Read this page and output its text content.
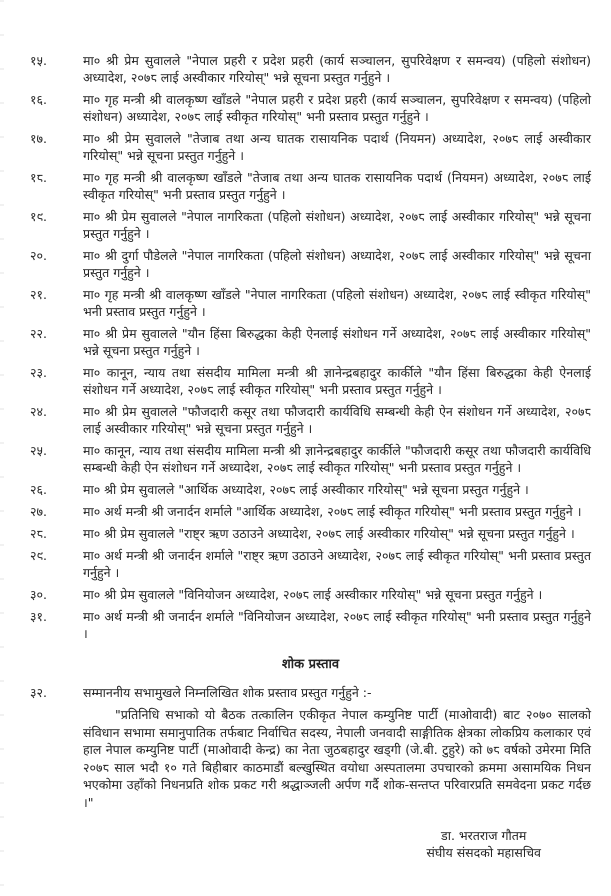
१५.	मा० श्री प्रेम सुवालले "नेपाल प्रहरी र प्रदेश प्रहरी (कार्य सञ्चालन, सुपरिवेक्षण र समन्वय) (पहिलो संशोधन) अध्यादेश, २०७८ लाई अस्वीकार गरियोस्" भन्ने सूचना प्रस्तुत गर्नुहुने ।
१६.	मा० गृह मन्त्री श्री वालकृष्ण खाँडले "नेपाल प्रहरी र प्रदेश प्रहरी (कार्य सञ्चालन, सुपरिवेक्षण र समन्वय) (पहिलो संशोधन) अध्यादेश, २०७८ लाई स्वीकृत गरियोस्" भनी प्रस्ताव प्रस्तुत गर्नुहुने ।
१७.	मा० श्री प्रेम सुवालले "तेजाब तथा अन्य घातक रासायनिक पदार्थ (नियमन) अध्यादेश, २०७८ लाई अस्वीकार गरियोस्" भन्ने सूचना प्रस्तुत गर्नुहुने ।
१८.	मा० गृह मन्त्री श्री वालकृष्ण खाँडले "तेजाब तथा अन्य घातक रासायनिक पदार्थ (नियमन) अध्यादेश, २०७८ लाई स्वीकृत गरियोस्" भनी प्रस्ताव प्रस्तुत गर्नुहुने ।
१९.	मा० श्री प्रेम सुवालले "नेपाल नागरिकता (पहिलो संशोधन) अध्यादेश, २०७८ लाई अस्वीकार गरियोस्" भन्ने सूचना प्रस्तुत गर्नुहुने ।
२०.	मा० श्री दुर्गा पौडेलले "नेपाल नागरिकता (पहिलो संशोधन) अध्यादेश, २०७८ लाई अस्वीकार गरियोस्" भन्ने सूचना प्रस्तुत गर्नुहुने ।
२१.	मा० गृह मन्त्री श्री वालकृष्ण खाँडले "नेपाल नागरिकता (पहिलो संशोधन) अध्यादेश, २०७८ लाई स्वीकृत गरियोस्" भनी प्रस्ताव प्रस्तुत गर्नुहुने ।
२२.	मा० श्री प्रेम सुवालले "यौन हिंसा बिरुद्धका केही ऐनलाई संशोधन गर्ने अध्यादेश, २०७८ लाई अस्वीकार गरियोस्" भन्ने सूचना प्रस्तुत गर्नुहुने ।
२३.	मा० कानून, न्याय तथा संसदीय मामिला मन्त्री श्री ज्ञानेन्द्रबहादुर कार्कीले "यौन हिंसा बिरुद्धका केही ऐनलाई संशोधन गर्ने अध्यादेश, २०७८ लाई स्वीकृत गरियोस्" भनी प्रस्ताव प्रस्तुत गर्नुहुने ।
२४.	मा० श्री प्रेम सुवालले "फौजदारी कसूर तथा फौजदारी कार्यविधि सम्बन्धी केही ऐन संशोधन गर्ने अध्यादेश, २०७८ लाई अस्वीकार गरियोस्" भन्ने सूचना प्रस्तुत गर्नुहुने ।
२५.	मा० कानून, न्याय तथा संसदीय मामिला मन्त्री श्री ज्ञानेन्द्रबहादुर कार्कीले "फौजदारी कसूर तथा फौजदारी कार्यविधि सम्बन्धी केही ऐन संशोधन गर्ने अध्यादेश, २०७८ लाई स्वीकृत गरियोस्" भनी प्रस्ताव प्रस्तुत गर्नुहुने ।
२६.	मा० श्री प्रेम सुवालले "आर्थिक अध्यादेश, २०७८ लाई अस्वीकार गरियोस्" भन्ने सूचना प्रस्तुत गर्नुहुने ।
२७.	मा० अर्थ मन्त्री श्री जनार्दन शर्माले "आर्थिक अध्यादेश, २०७८ लाई स्वीकृत गरियोस्" भनी प्रस्ताव प्रस्तुत गर्नुहुने ।
२८.	मा० श्री प्रेम सुवालले "राष्ट्र ऋण उठाउने अध्यादेश, २०७८ लाई अस्वीकार गरियोस्" भन्ने सूचना प्रस्तुत गर्नुहुने ।
२९.	मा० अर्थ मन्त्री श्री जनार्दन शर्माले "राष्ट्र ऋण उठाउने अध्यादेश, २०७८ लाई स्वीकृत गरियोस्" भनी प्रस्ताव प्रस्तुत गर्नुहुने ।
३०.	मा० श्री प्रेम सुवालले "विनियोजन अध्यादेश, २०७८ लाई अस्वीकार गरियोस्" भन्ने सूचना प्रस्तुत गर्नुहुने ।
३१.	मा० अर्थ मन्त्री श्री जनार्दन शर्माले "विनियोजन अध्यादेश, २०७८ लाई स्वीकृत गरियोस्" भनी प्रस्ताव प्रस्तुत गर्नुहुने ।
शोक प्रस्ताव
३२.	सम्माननीय सभामुखले निम्नलिखित शोक प्रस्ताव प्रस्तुत गर्नुहुने :-
"प्रतिनिधि सभाको यो बैठक तत्कालिन एकीकृत नेपाल कम्युनिष्ट पार्टी (माओवादी) बाट २०७० सालको संविधान सभामा समानुपातिक तर्फबाट निर्वाचित सदस्य, नेपाली जनवादी साङ्गीतिक क्षेत्रका लोकप्रिय कलाकार एवं हाल नेपाल कम्युनिष्ट पार्टी (माओवादी केन्द्र) का नेता जुठबहादुर खड्गी (जे.बी. टुहुरे) को ७८ वर्षको उमेरमा मिति २०७८ साल भदौ १० गते बिहीबार काठमाडौं बल्खुस्थित वयोधा अस्पतालमा उपचारको क्रममा असामयिक निधन भएकोमा उहाँको निधनप्रति शोक प्रकट गरी श्रद्धाञ्जली अर्पण गर्दै शोक-सन्तप्त परिवारप्रति समवेदना प्रकट गर्दछ ।"
डा. भरतराज गौतम
संघीय संसदको महासचिव
